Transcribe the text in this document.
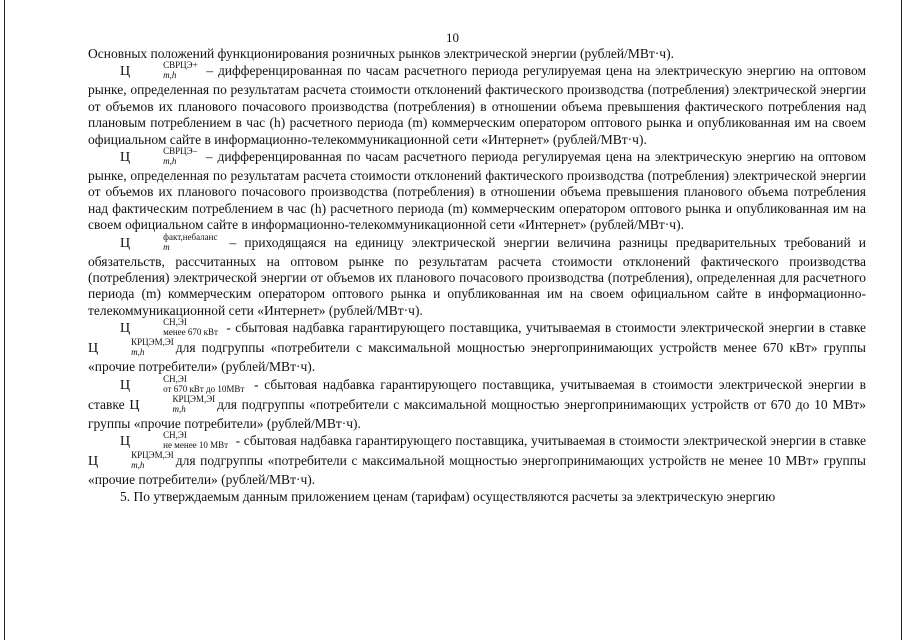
10

Основных положений функционирования розничных рынков электрической энергии (рублей/МВт·ч).

Ц	СВРЦЭ+
m,h	– дифференцированная по часам расчетного периода регулируемая цена на электрическую энергию на оптовом рынке, определенная по результатам расчета стоимости отклонений фактического производства (потребления) электрической энергии от объемов их планового почасового производства (потребления) в отношении объема превышения фактического потребления над плановым потреблением в час (h) расчетного периода (m) коммерческим оператором оптового рынка и опубликованная им на своем официальном сайте в информационно-телекоммуникационной сети «Интернет» (рублей/МВт·ч).

Ц	СВРЦЭ–
m,h	– дифференцированная по часам расчетного периода регулируемая цена на электрическую энергию на оптовом рынке, определенная по результатам расчета стоимости отклонений фактического производства (потребления) электрической энергии от объемов их планового почасового производства (потребления) в отношении объема превышения планового объема потребления над фактическим потреблением в час (h) расчетного периода (m) коммерческим оператором оптового рынка и опубликованная им на своем официальном сайте в информационно-телекоммуникационной сети «Интернет» (рублей/МВт·ч).

Ц	факт,небаланс
m	– приходящаяся на единицу электрической энергии величина разницы предварительных требований и обязательств, рассчитанных на оптовом рынке по результатам расчета стоимости отклонений фактического производства (потребления) электрической энергии от объемов их планового почасового производства (потребления), определенная для расчетного периода (m) коммерческим оператором оптового рынка и опубликованная им на своем официальном сайте в информационно-телекоммуникационной сети «Интернет» (рублей/МВт·ч).

Ц	СН,ЭI
менее 670 кВт - сбытовая надбавка гарантирующего поставщика, учитываемая в стоимости электрической энергии в ставке Ц	КРЦЭМ,ЭI
m,h	для подгруппы «потребители с максимальной мощностью энергопринимающих устройств менее 670 кВт» группы «прочие потребители» (рублей/МВт·ч).

Ц	СН,ЭI
от 670 кВт до 10МВт - сбытовая надбавка гарантирующего поставщика, учитываемая в стоимости электрической энергии в ставке Ц	КРЦЭМ,ЭI
m,h	для подгруппы «потребители с максимальной мощностью энергопринимающих устройств от 670 до 10 МВт» группы «прочие потребители» (рублей/МВт·ч).

Ц	СН,ЭI
не менее 10 МВт - сбытовая надбавка гарантирующего поставщика, учитываемая в стоимости электрической энергии в ставке Ц	КРЦЭМ,ЭI
m,h	для подгруппы «потребители с максимальной мощностью энергопринимающих устройств не менее 10 МВт» группы «прочие потребители» (рублей/МВт·ч).

5. По утверждаемым данным приложением ценам (тарифам) осуществляются расчеты за электрическую энергию
